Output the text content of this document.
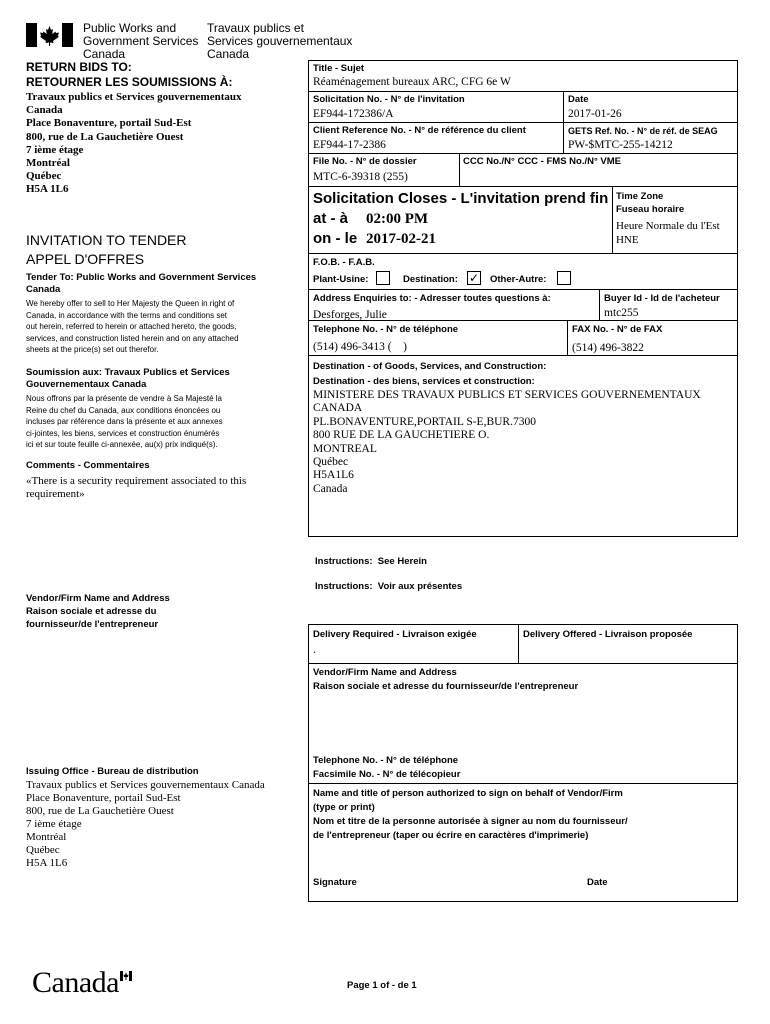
Public Works and
Government Services
Canada
Travaux publics et
Services gouvernementaux
Canada
RETURN BIDS TO:
RETOURNER LES SOUMISSIONS À:
Travaux publics et Services gouvernementaux
Canada
Place Bonaventure, portail Sud-Est
800, rue de La Gauchetière Ouest
7 ième étage
Montréal
Québec
H5A 1L6
INVITATION TO TENDER
APPEL D'OFFRES
Tender To: Public Works and Government Services Canada
We hereby offer to sell to Her Majesty the Queen in right of
Canada, in accordance with the terms and conditions set
out herein, referred to herein or attached hereto, the goods,
services, and construction listed herein and on any attached
sheets at the price(s) set out therefor.
Soumission aux: Travaux Publics et Services Gouvernementaux Canada
Nous offrons par la présente de vendre à Sa Majesté la
Reine du chef du Canada, aux conditions énoncées ou
incluses par référence dans la présente et aux annexes
ci-jointes, les biens, services et construction énumérés
ici et sur toute feuille ci-annexée, au(x) prix indiqué(s).
Comments - Commentaires
«There is a security requirement associated to this
requirement»
Vendor/Firm Name and Address
Raison sociale et adresse du
fournisseur/de l'entrepreneur
Issuing Office - Bureau de distribution
Travaux publics et Services gouvernementaux Canada
Place Bonaventure, portail Sud-Est
800, rue de La Gauchetière Ouest
7 ième étage
Montréal
Québec
H5A 1L6
Title - Sujet
Réaménagement bureaux ARC, CFG 6e W
Solicitation No. - N° de l'invitation
EF944-172386/A
Date
2017-01-26
Client Reference No. - N° de référence du client
EF944-17-2386
GETS Ref. No. - N° de réf. de SEAG
PW-$MTC-255-14212
File No. - N° de dossier
MTC-6-39318 (255)
CCC No./N° CCC - FMS No./N° VME
Solicitation Closes - L'invitation prend fin
at - à 02:00 PM
on - le 2017-02-21
Time Zone
Fuseau horaire
Heure Normale du l'Est
HNE
F.O.B. - F.A.B.
Plant-Usine:	Destination: ✓ Other-Autre:
Address Enquiries to: - Adresser toutes questions à:
Desforges, Julie
Buyer Id - Id de l'acheteur
mtc255
Telephone No. - N° de téléphone
(514) 496-3413 (    )
FAX No. - N° de FAX
(514) 496-3822
Destination - of Goods, Services, and Construction:
Destination - des biens, services et construction:
MINISTERE DES TRAVAUX PUBLICS ET SERVICES GOUVERNEMENTAUX
CANADA
PL.BONAVENTURE,PORTAIL S-E,BUR.7300
800 RUE DE LA GAUCHETIERE O.
MONTREAL
Québec
H5A1L6
Canada
Instructions:  See Herein
Instructions:  Voir aux présentes
Delivery Required - Livraison exigée
.
Delivery Offered - Livraison proposée
Vendor/Firm Name and Address
Raison sociale et adresse du fournisseur/de l'entrepreneur
Telephone No. - N° de téléphone
Facsimile No. - N° de télécopieur
Name and title of person authorized to sign on behalf of Vendor/Firm
(type or print)
Nom et titre de la personne autorisée à signer au nom du fournisseur/
de l'entrepreneur (taper ou écrire en caractères d'imprimerie)
Signature	Date
Canada	Page 1 of - de 1
